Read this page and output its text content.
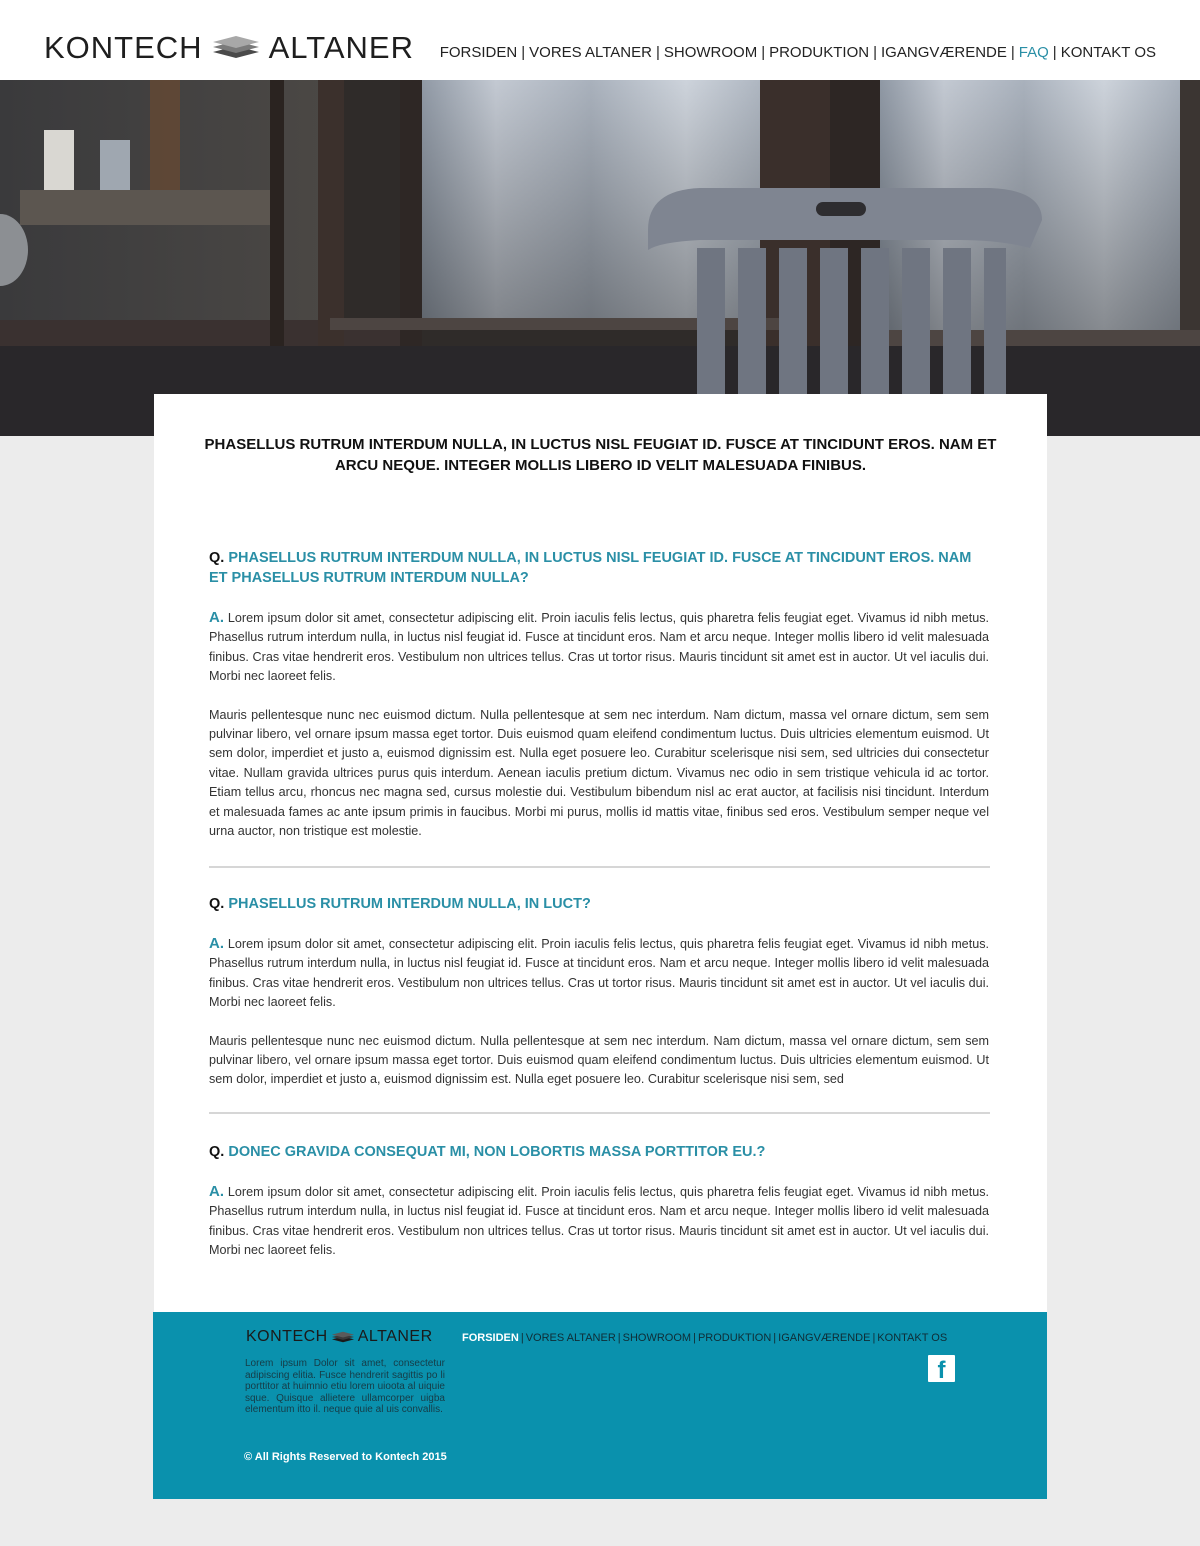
KONTECH ALTANER FORSIDEN | VORES ALTANER | SHOWROOM | PRODUKTION | IGANGVÆRENDE | FAQ | KONTAKT OS
PHASELLUS RUTRUM INTERDUM NULLA, IN LUCTUS NISL FEUGIAT ID. FUSCE AT TINCIDUNT EROS. NAM ET ARCU NEQUE. INTEGER MOLLIS LIBERO ID VELIT MALESUADA FINIBUS.
Q. PHASELLUS RUTRUM INTERDUM NULLA, IN LUCTUS NISL FEUGIAT ID. FUSCE AT TINCIDUNT EROS. NAM ET PHASELLUS RUTRUM INTERDUM NULLA?
A. Lorem ipsum dolor sit amet, consectetur adipiscing elit. Proin iaculis felis lectus, quis pharetra felis feugiat eget. Vivamus id nibh metus. Phasellus rutrum interdum nulla, in luctus nisl feugiat id. Fusce at tincidunt eros. Nam et arcu neque. Integer mollis libero id velit malesuada finibus. Cras vitae hendrerit eros. Vestibulum non ultrices tellus. Cras ut tortor risus. Mauris tincidunt sit amet est in auctor. Ut vel iaculis dui. Morbi nec laoreet felis.
Mauris pellentesque nunc nec euismod dictum. Nulla pellentesque at sem nec interdum. Nam dictum, massa vel ornare dictum, sem sem pulvinar libero, vel ornare ipsum massa eget tortor. Duis euismod quam eleifend condimentum luctus. Duis ultricies elementum euismod. Ut sem dolor, imperdiet et justo a, euismod dignissim est. Nulla eget posuere leo. Curabitur scelerisque nisi sem, sed ultricies dui consectetur vitae. Nullam gravida ultrices purus quis interdum. Aenean iaculis pretium dictum. Vivamus nec odio in sem tristique vehicula id ac tortor. Etiam tellus arcu, rhoncus nec magna sed, cursus molestie dui. Vestibulum bibendum nisl ac erat auctor, at facilisis nisi tincidunt. Interdum et malesuada fames ac ante ipsum primis in faucibus. Morbi mi purus, mollis id mattis vitae, finibus sed eros. Vestibulum semper neque vel urna auctor, non tristique est molestie.
Q. PHASELLUS RUTRUM INTERDUM NULLA, IN LUCT?
A. Lorem ipsum dolor sit amet, consectetur adipiscing elit. Proin iaculis felis lectus, quis pharetra felis feugiat eget. Vivamus id nibh metus. Phasellus rutrum interdum nulla, in luctus nisl feugiat id. Fusce at tincidunt eros. Nam et arcu neque. Integer mollis libero id velit malesuada finibus. Cras vitae hendrerit eros. Vestibulum non ultrices tellus. Cras ut tortor risus. Mauris tincidunt sit amet est in auctor. Ut vel iaculis dui. Morbi nec laoreet felis.
Mauris pellentesque nunc nec euismod dictum. Nulla pellentesque at sem nec interdum. Nam dictum, massa vel ornare dictum, sem sem pulvinar libero, vel ornare ipsum massa eget tortor. Duis euismod quam eleifend condimentum luctus. Duis ultricies elementum euismod. Ut sem dolor, imperdiet et justo a, euismod dignissim est. Nulla eget posuere leo. Curabitur scelerisque nisi sem, sed
Q. DONEC GRAVIDA CONSEQUAT MI, NON LOBORTIS MASSA PORTTITOR EU.?
A. Lorem ipsum dolor sit amet, consectetur adipiscing elit. Proin iaculis felis lectus, quis pharetra felis feugiat eget. Vivamus id nibh metus. Phasellus rutrum interdum nulla, in luctus nisl feugiat id. Fusce at tincidunt eros. Nam et arcu neque. Integer mollis libero id velit malesuada finibus. Cras vitae hendrerit eros. Vestibulum non ultrices tellus. Cras ut tortor risus. Mauris tincidunt sit amet est in auctor. Ut vel iaculis dui. Morbi nec laoreet felis.
KONTECH ALTANER
Lorem ipsum Dolor sit amet, consectetur adipiscing elitia. Fusce hendrerit sagittis po li porttitor at huimnio etiu lorem uioota al uiquie sque. Quisque allietere ullamcorper uigba elementum itto il. neque quie al uis convallis.
© All Rights Reserved to Kontech 2015
FORSIDEN | VORES ALTANER | SHOWROOM | PRODUKTION | IGANGVÆRENDE | KONTAKT OS
f
